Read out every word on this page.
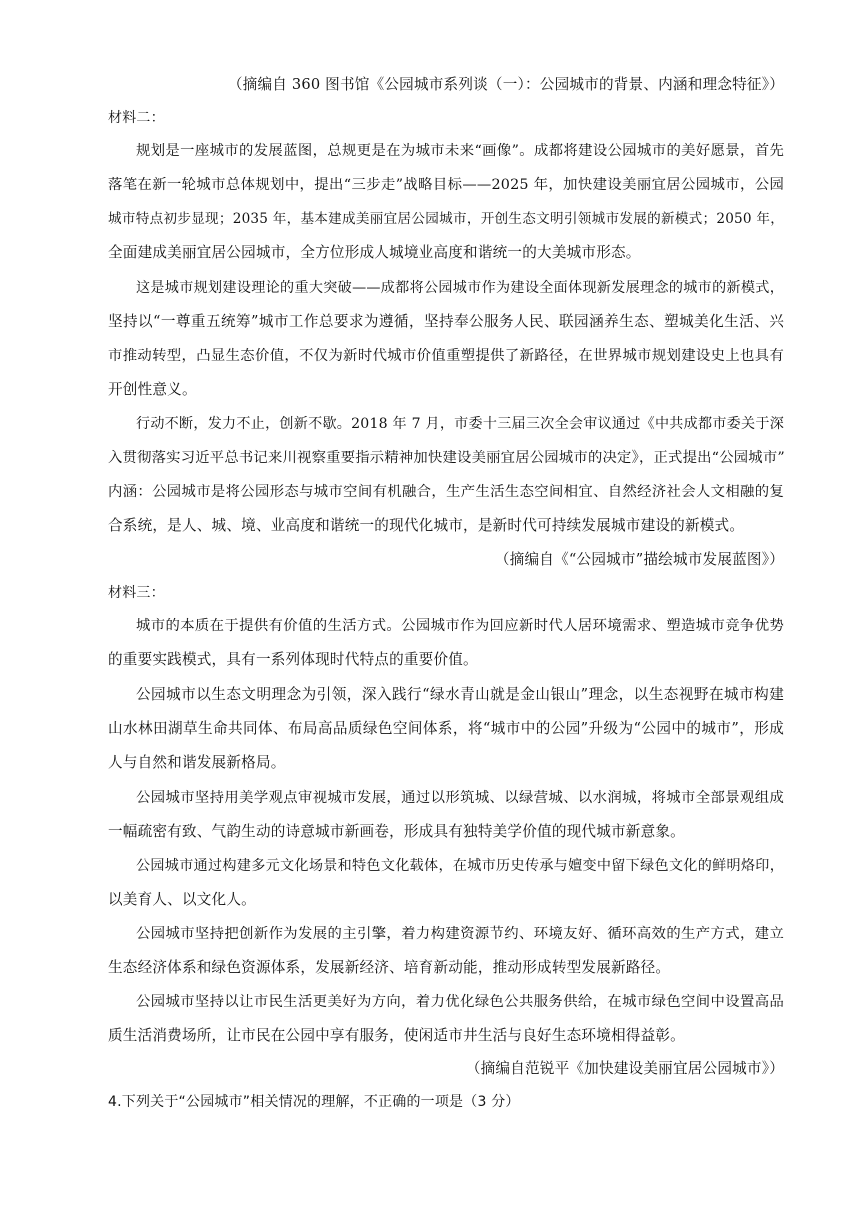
（摘编自 360 图书馆《公园城市系列谈（一）：公园城市的背景、内涵和理念特征》）
材料二：
规划是一座城市的发展蓝图，总规更是在为城市未来“画像”。成都将建设公园城市的美好愿景，首先
落笔在新一轮城市总体规划中，提出“三步走”战略目标——2025 年，加快建设美丽宜居公园城市，公园
城市特点初步显现；2035 年，基本建成美丽宜居公园城市，开创生态文明引领城市发展的新模式；2050 年，
全面建成美丽宜居公园城市，全方位形成人城境业高度和谐统一的大美城市形态。
这是城市规划建设理论的重大突破——成都将公园城市作为建设全面体现新发展理念的城市的新模式，
坚持以“一尊重五统筹”城市工作总要求为遵循，坚持奉公服务人民、联园涵养生态、塑城美化生活、兴
市推动转型，凸显生态价值，不仅为新时代城市价值重塑提供了新路径，在世界城市规划建设史上也具有
开创性意义。
行动不断，发力不止，创新不歇。2018 年 7 月，市委十三届三次全会审议通过《中共成都市委关于深
入贯彻落实习近平总书记来川视察重要指示精神加快建设美丽宜居公园城市的决定》，正式提出“公园城市”
内涵：公园城市是将公园形态与城市空间有机融合，生产生活生态空间相宜、自然经济社会人文相融的复
合系统，是人、城、境、业高度和谐统一的现代化城市，是新时代可持续发展城市建设的新模式。
（摘编自《“公园城市”描绘城市发展蓝图》）
材料三：
城市的本质在于提供有价值的生活方式。公园城市作为回应新时代人居环境需求、塑造城市竞争优势
的重要实践模式，具有一系列体现时代特点的重要价值。
公园城市以生态文明理念为引领，深入践行“绿水青山就是金山银山”理念，以生态视野在城市构建
山水林田湖草生命共同体、布局高品质绿色空间体系，将“城市中的公园”升级为“公园中的城市”，形成
人与自然和谐发展新格局。
公园城市坚持用美学观点审视城市发展，通过以形筑城、以绿营城、以水润城，将城市全部景观组成
一幅疏密有致、气韵生动的诗意城市新画卷，形成具有独特美学价值的现代城市新意象。
公园城市通过构建多元文化场景和特色文化载体，在城市历史传承与嬗变中留下绿色文化的鲜明烙印，
以美育人、以文化人。
公园城市坚持把创新作为发展的主引擎，着力构建资源节约、环境友好、循环高效的生产方式，建立
生态经济体系和绿色资源体系，发展新经济、培育新动能，推动形成转型发展新路径。
公园城市坚持以让市民生活更美好为方向，着力优化绿色公共服务供给，在城市绿色空间中设置高品
质生活消费场所，让市民在公园中享有服务，使闲适市井生活与良好生态环境相得益彰。
（摘编自范锐平《加快建设美丽宜居公园城市》）
4.下列关于“公园城市”相关情况的理解，不正确的一项是（3 分）
